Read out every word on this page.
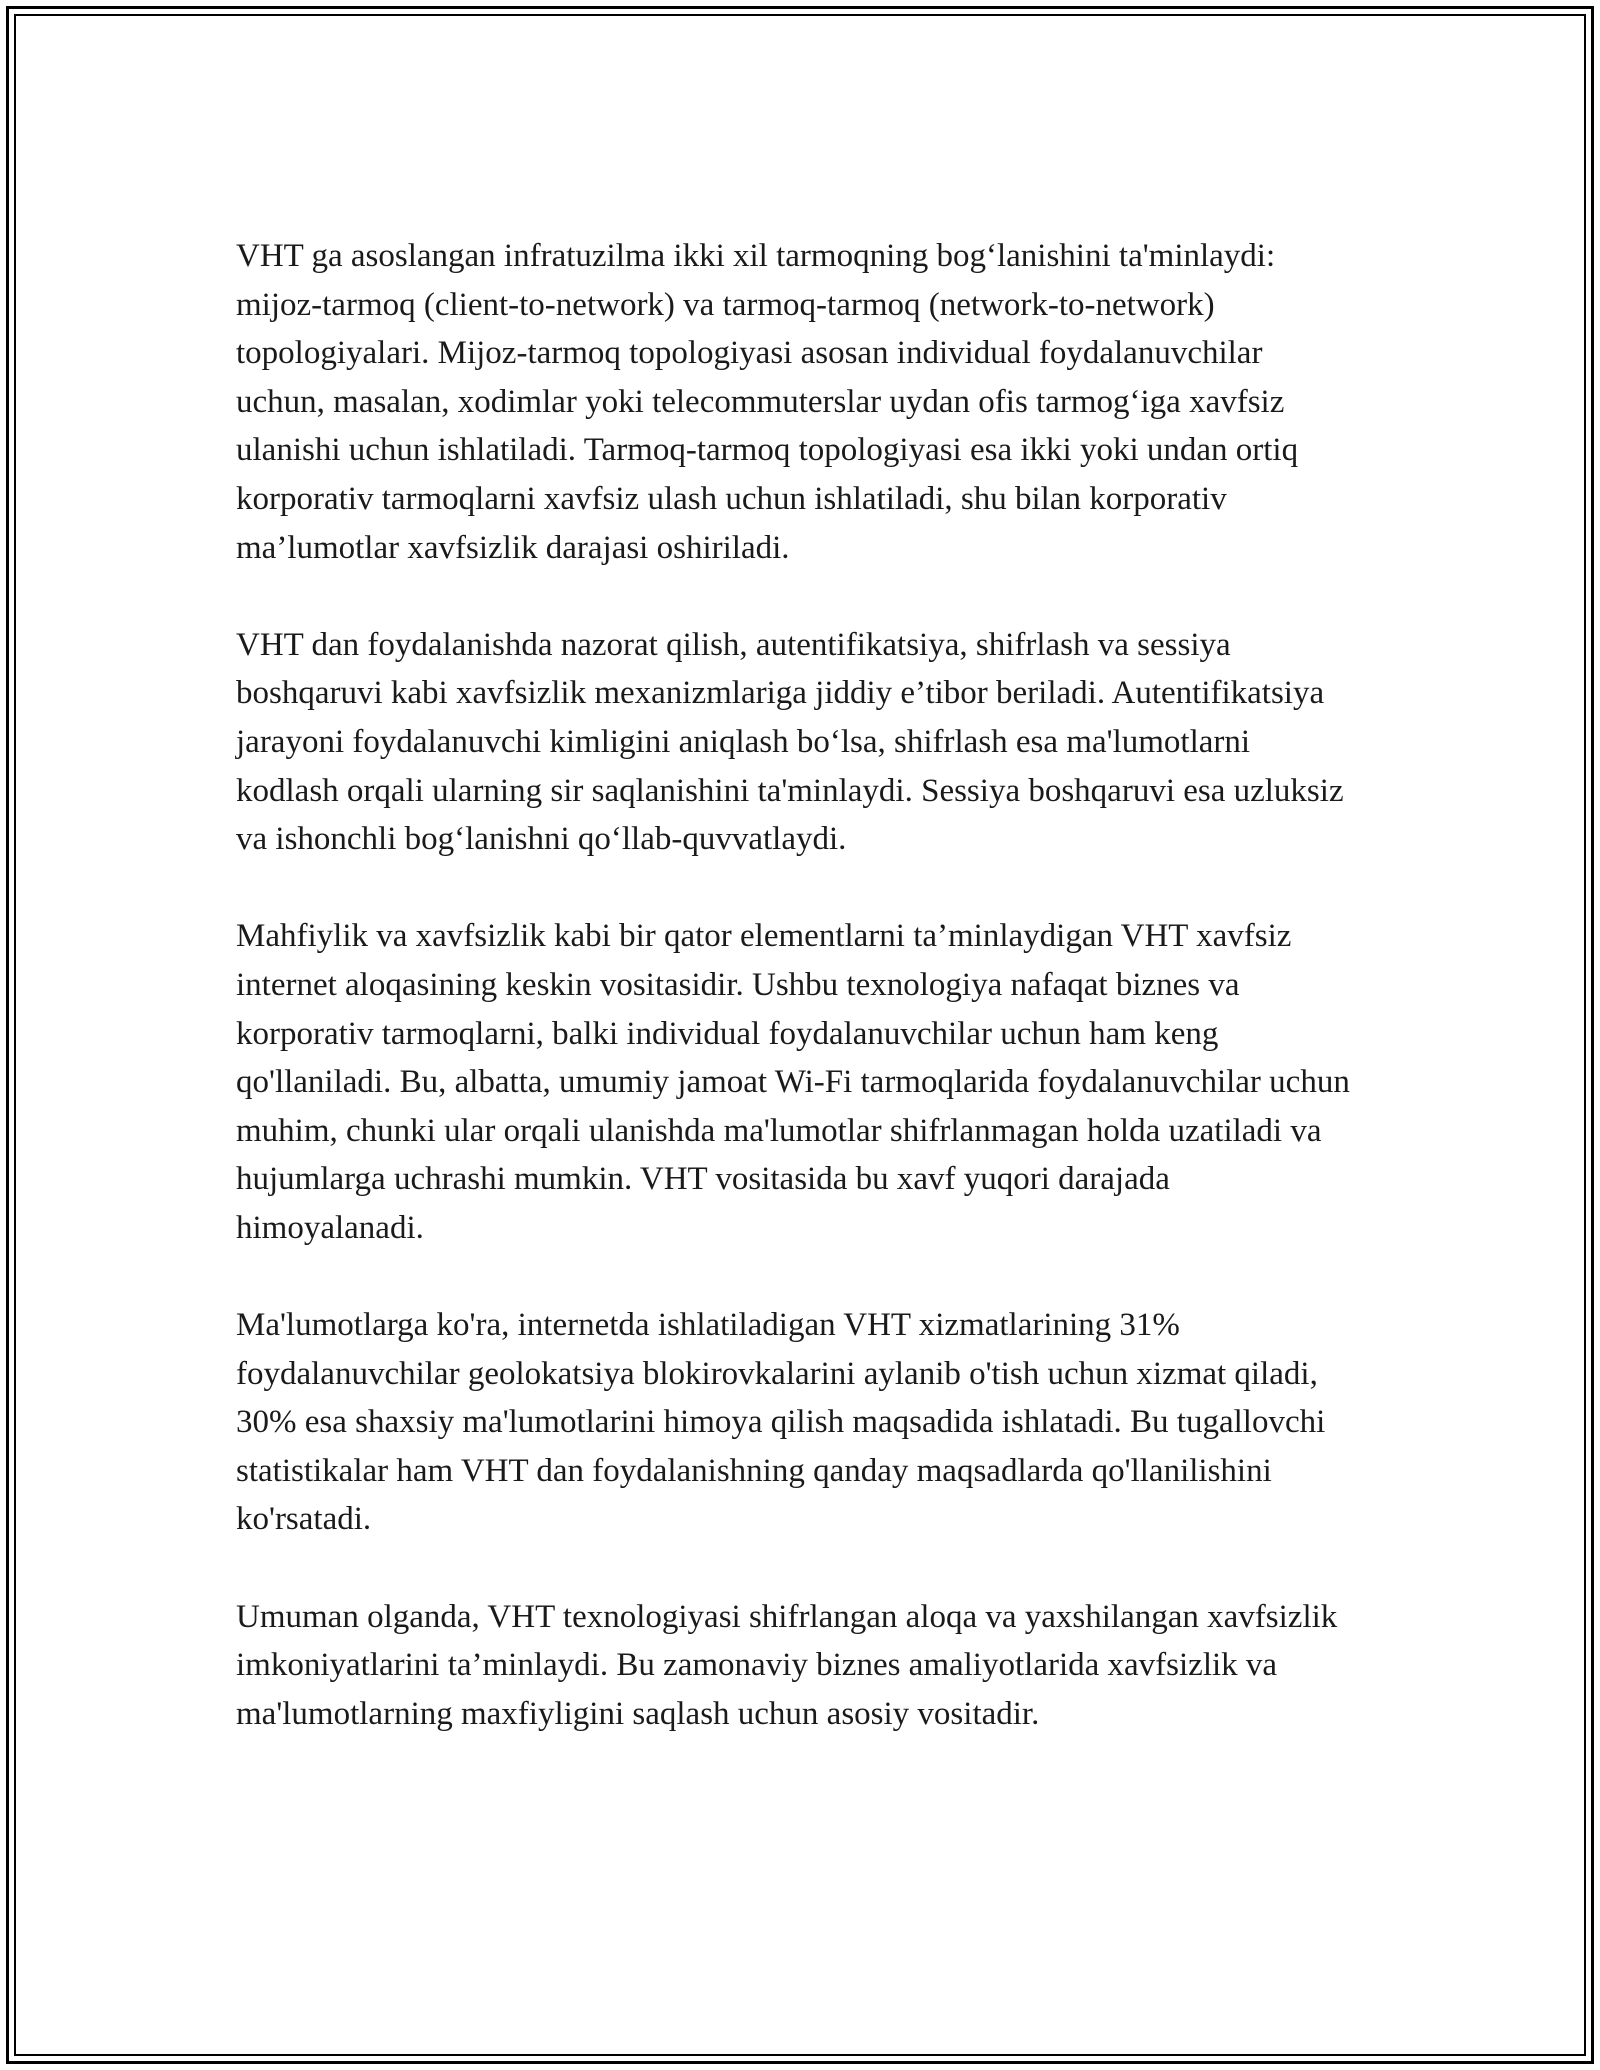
VHT ga asoslangan infratuzilma ikki xil tarmoqning bog‘lanishini ta'minlaydi: mijoz-tarmoq (client-to-network) va tarmoq-tarmoq (network-to-network) topologiyalari. Mijoz-tarmoq topologiyasi asosan individual foydalanuvchilar uchun, masalan, xodimlar yoki telecommuterslar uydan ofis tarmog‘iga xavfsiz ulanishi uchun ishlatiladi. Tarmoq-tarmoq topologiyasi esa ikki yoki undan ortiq korporativ tarmoqlarni xavfsiz ulash uchun ishlatiladi, shu bilan korporativ ma’lumotlar xavfsizlik darajasi oshiriladi.

VHT dan foydalanishda nazorat qilish, autentifikatsiya, shifrlash va sessiya boshqaruvi kabi xavfsizlik mexanizmlariga jiddiy e’tibor beriladi. Autentifikatsiya jarayoni foydalanuvchi kimligini aniqlash bo‘lsa, shifrlash esa ma'lumotlarni kodlash orqali ularning sir saqlanishini ta'minlaydi. Sessiya boshqaruvi esa uzluksiz va ishonchli bog‘lanishni qo‘llab-quvvatlaydi.

Mahfiylik va xavfsizlik kabi bir qator elementlarni ta’minlaydigan VHT xavfsiz internet aloqasining keskin vositasidir. Ushbu texnologiya nafaqat biznes va korporativ tarmoqlarni, balki individual foydalanuvchilar uchun ham keng qo'llaniladi. Bu, albatta, umumiy jamoat Wi-Fi tarmoqlarida foydalanuvchilar uchun muhim, chunki ular orqali ulanishda ma'lumotlar shifrlanmagan holda uzatiladi va hujumlarga uchrashi mumkin. VHT vositasida bu xavf yuqori darajada himoyalanadi.

Ma'lumotlarga ko'ra, internetda ishlatiladigan VHT xizmatlarining 31% foydalanuvchilar geolokatsiya blokirovkalarini aylanib o'tish uchun xizmat qiladi, 30% esa shaxsiy ma'lumotlarini himoya qilish maqsadida ishlatadi. Bu tugallovchi statistikalar ham VHT dan foydalanishning qanday maqsadlarda qo'llanilishini ko'rsatadi.

Umuman olganda, VHT texnologiyasi shifrlangan aloqa va yaxshilangan xavfsizlik imkoniyatlarini ta’minlaydi. Bu zamonaviy biznes amaliyotlarida xavfsizlik va ma'lumotlarning maxfiyligini saqlash uchun asosiy vositadir.
